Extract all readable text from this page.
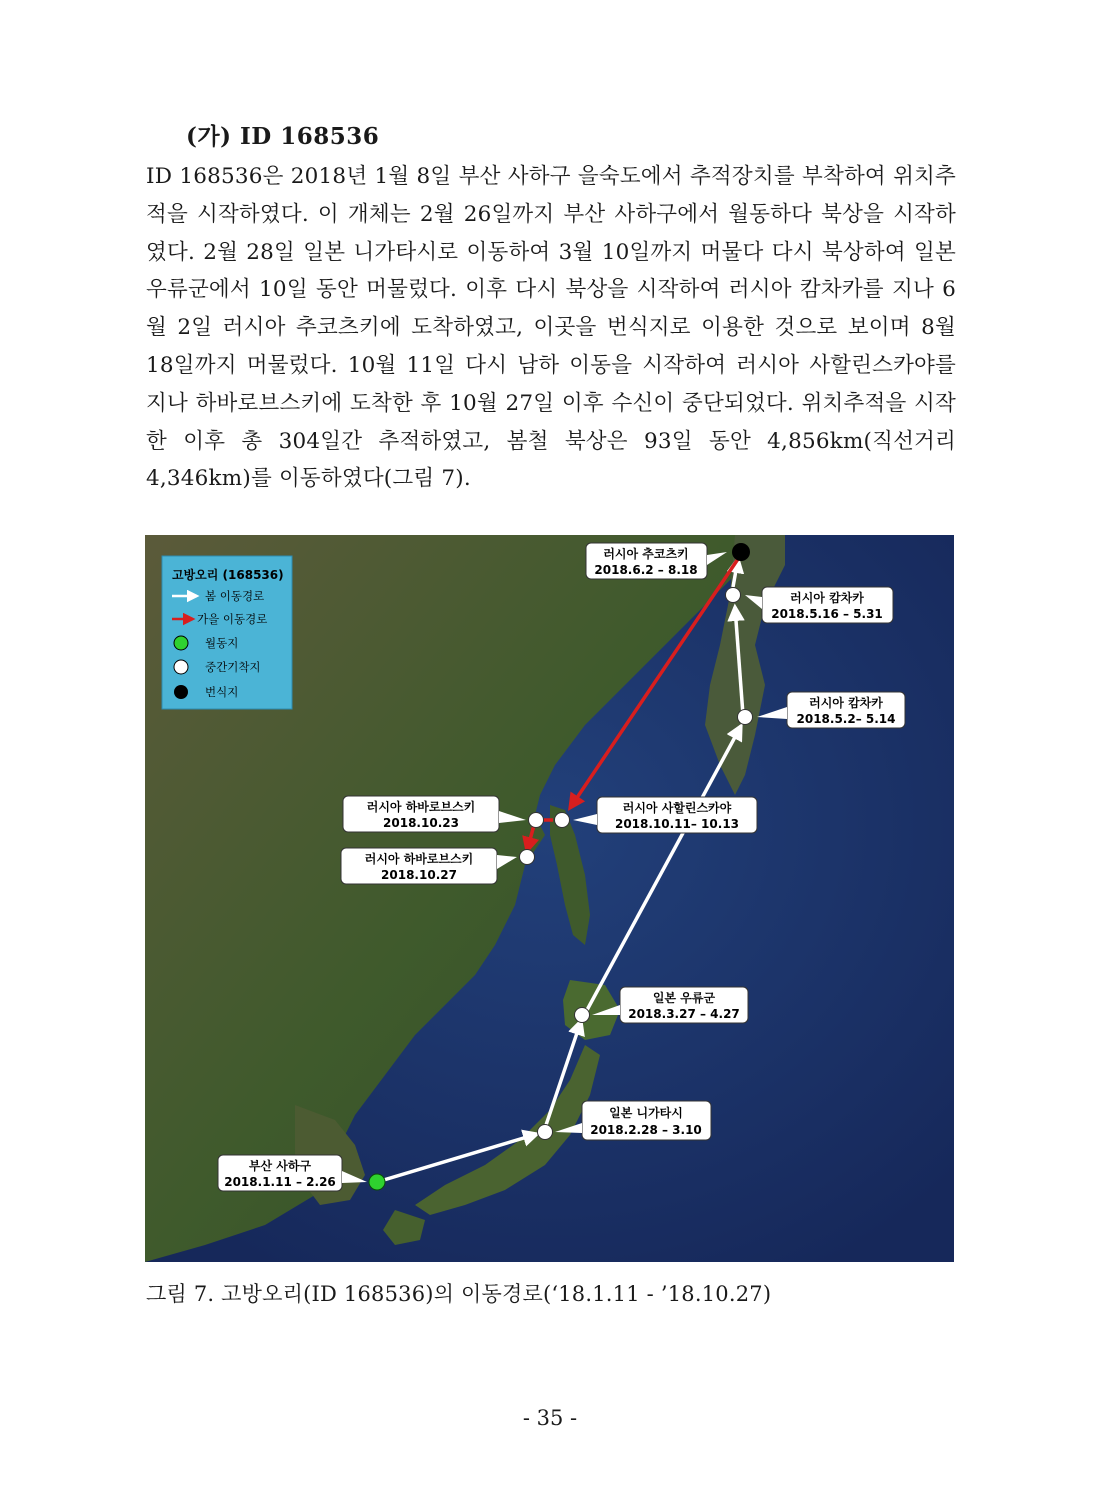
(가) ID 168536

ID 168536은 2018년 1월 8일 부산 사하구 을숙도에서 추적장치를 부착하여 위치추적을 시작하였다. 이 개체는 2월 26일까지 부산 사하구에서 월동하다 북상을 시작하였다. 2월 28일 일본 니가타시로 이동하여 3월 10일까지 머물다 다시 북상하여 일본 우류군에서 10일 동안 머물렀다. 이후 다시 북상을 시작하여 러시아 캄차카를 지나 6월 2일 러시아 추코츠키에 도착하였고, 이곳을 번식지로 이용한 것으로 보이며 8월 18일까지 머물렀다. 10월 11일 다시 남하 이동을 시작하여 러시아 사할린스카야를 지나 하바로브스키에 도착한 후 10월 27일 이후 수신이 중단되었다. 위치추적을 시작한 이후 총 304일간 추적하였고, 봄철 북상은 93일 동안 4,856km(직선거리 4,346km)를 이동하였다(그림 7).

고방오리 (168536)
봄 이동경로
가을 이동경로
월동지
중간기착지
번식지
러시아 추코츠키
2018.6.2 – 8.18
러시아 캄차카
2018.5.16 – 5.31
러시아 캄차카
2018.5.2– 5.14
러시아 하바로브스키
2018.10.23
러시아 사할린스카야
2018.10.11– 10.13
러시아 하바로브스키
2018.10.27
일본 우류군
2018.3.27 – 4.27
일본 니가타시
2018.2.28 – 3.10
부산 사하구
2018.1.11 – 2.26
그림 7. 고방오리(ID 168536)의 이동경로(‘18.1.11 - ’18.10.27)
- 35 -
